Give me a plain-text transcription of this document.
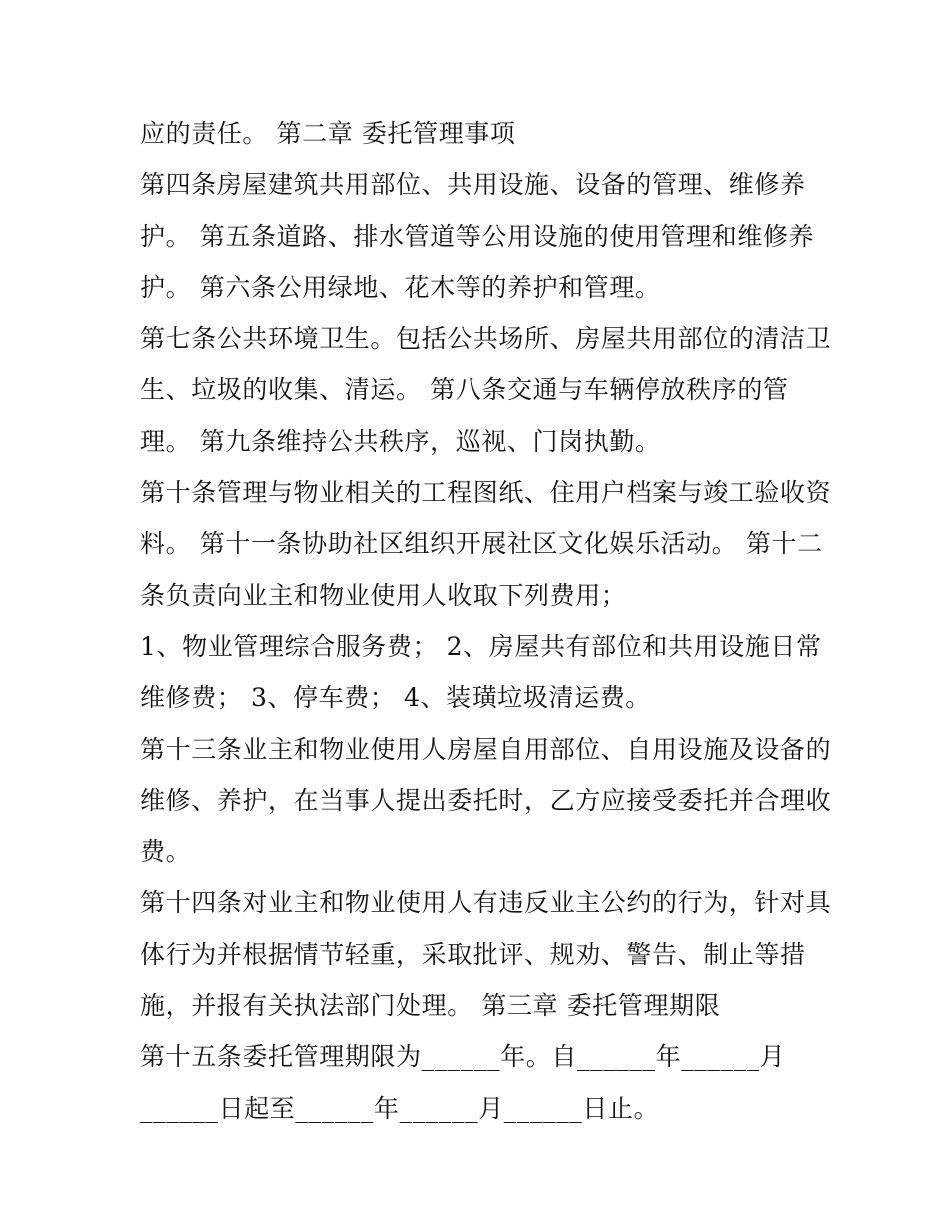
应的责任。 第二章 委托管理事项
第四条房屋建筑共用部位、共用设施、设备的管理、维修养
护。 第五条道路、排水管道等公用设施的使用管理和维修养
护。 第六条公用绿地、花木等的养护和管理。
第七条公共环境卫生。包括公共场所、房屋共用部位的清洁卫
生、垃圾的收集、清运。 第八条交通与车辆停放秩序的管
理。 第九条维持公共秩序，巡视、门岗执勤。
第十条管理与物业相关的工程图纸、住用户档案与竣工验收资
料。 第十一条协助社区组织开展社区文化娱乐活动。 第十二
条负责向业主和物业使用人收取下列费用；
1、物业管理综合服务费； 2、房屋共有部位和共用设施日常
维修费； 3、停车费； 4、装璜垃圾清运费。
第十三条业主和物业使用人房屋自用部位、自用设施及设备的
维修、养护，在当事人提出委托时，乙方应接受委托并合理收
费。
第十四条对业主和物业使用人有违反业主公约的行为，针对具
体行为并根据情节轻重，采取批评、规劝、警告、制止等措
施，并报有关执法部门处理。 第三章 委托管理期限
第十五条委托管理期限为______年。自______年______月
______日起至______年______月______日止。
